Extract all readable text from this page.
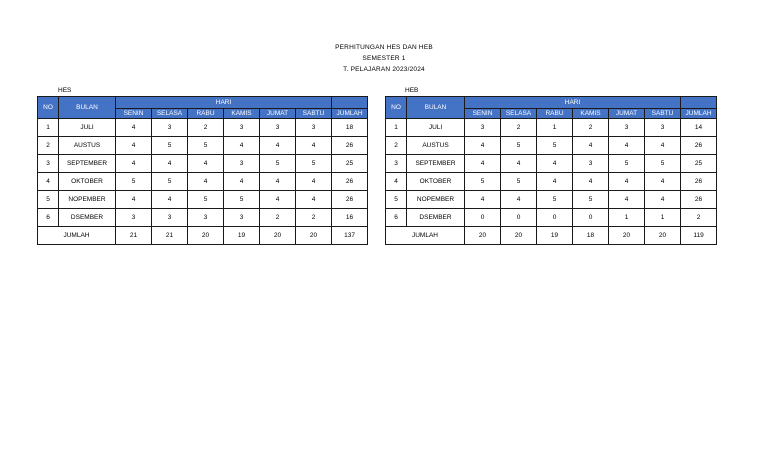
PERHITUNGAN HES DAN HEB
SEMESTER 1
T. PELAJARAN 2023/2024
HES	HEB
NO	BULAN	HARI						
		SENIN	SELASA	RABU	KAMIS	JUMAT	SABTU	JUMLAH
1	JULI	4	3	2	3	3	3	18
2	AUSTUS	4	5	5	4	4	4	26
3	SEPTEMBER	4	4	4	3	5	5	25
4	OKTOBER	5	5	4	4	4	4	26
5	NOPEMBER	4	4	5	5	4	4	26
6	DSEMBER	3	3	3	3	2	2	16
JUMLAH		21	21	20	19	20	20	137
NO	BULAN	HARI						
		SENIN	SELASA	RABU	KAMIS	JUMAT	SABTU	JUMLAH
1	JULI	3	2	1	2	3	3	14
2	AUSTUS	4	5	5	4	4	4	26
3	SEPTEMBER	4	4	4	3	5	5	25
4	OKTOBER	5	5	4	4	4	4	26
5	NOPEMBER	4	4	5	5	4	4	26
6	DSEMBER	0	0	0	0	1	1	2
JUMLAH		20	20	19	18	20	20	119
